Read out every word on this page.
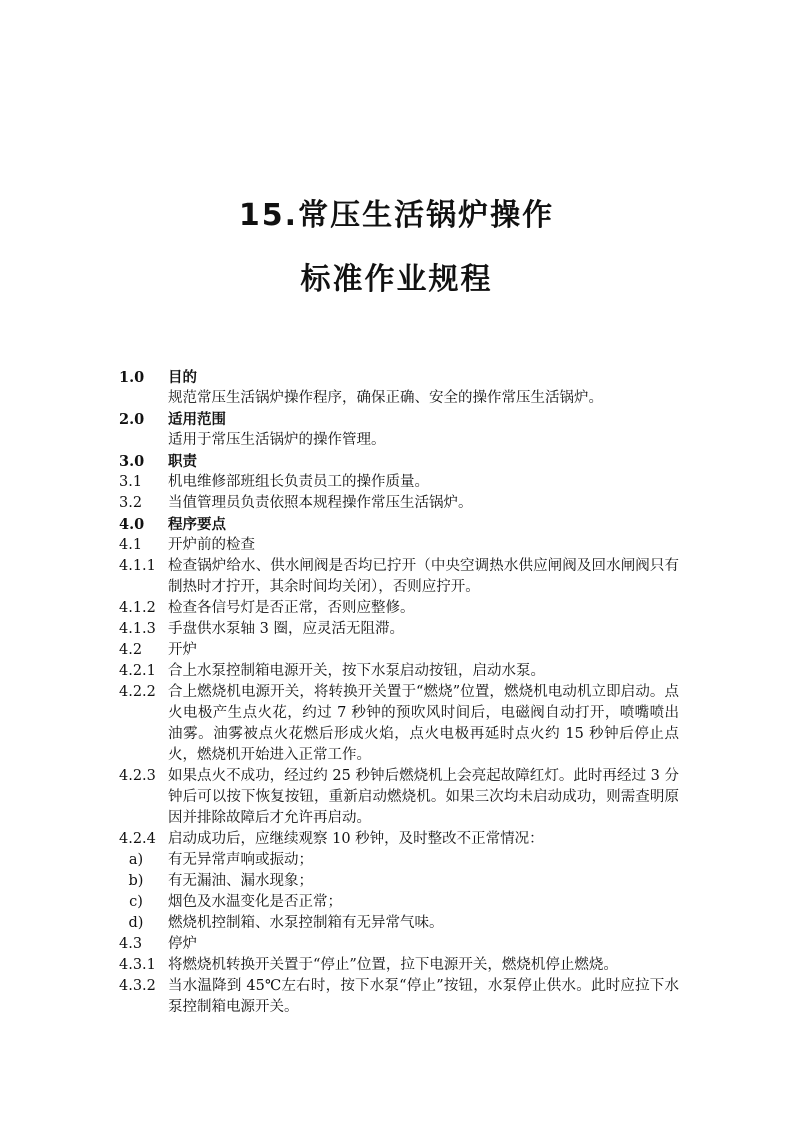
15.常压生活锅炉操作
标准作业规程
1.0	目的
规范常压生活锅炉操作程序，确保正确、安全的操作常压生活锅炉。
2.0	适用范围
适用于常压生活锅炉的操作管理。
3.0	职责
3.1	机电维修部班组长负责员工的操作质量。
3.2	当值管理员负责依照本规程操作常压生活锅炉。
4.0	程序要点
4.1	开炉前的检查
4.1.1 检查锅炉给水、供水闸阀是否均已拧开（中央空调热水供应闸阀及回水闸阀只有制热时才拧开，其余时间均关闭），否则应拧开。
4.1.2 检查各信号灯是否正常，否则应整修。
4.1.3 手盘供水泵轴 3 圈，应灵活无阻滞。
4.2	开炉
4.2.1 合上水泵控制箱电源开关，按下水泵启动按钮，启动水泵。
4.2.2 合上燃烧机电源开关，将转换开关置于“燃烧”位置，燃烧机电动机立即启动。点火电极产生点火花，约过 7 秒钟的预吹风时间后，电磁阀自动打开，喷嘴喷出油雾。油雾被点火花燃后形成火焰，点火电极再延时点火约 15 秒钟后停止点火，燃烧机开始进入正常工作。
4.2.3 如果点火不成功，经过约 25 秒钟后燃烧机上会亮起故障红灯。此时再经过 3 分钟后可以按下恢复按钮，重新启动燃烧机。如果三次均未启动成功，则需查明原因并排除故障后才允许再启动。
4.2.4 启动成功后，应继续观察 10 秒钟，及时整改不正常情况：
a)	有无异常声响或振动；
b)	有无漏油、漏水现象；
c)	烟色及水温变化是否正常；
d)	燃烧机控制箱、水泵控制箱有无异常气味。
4.3	停炉
4.3.1 将燃烧机转换开关置于“停止”位置，拉下电源开关，燃烧机停止燃烧。
4.3.2 当水温降到 45℃左右时，按下水泵“停止”按钮，水泵停止供水。此时应拉下水泵控制箱电源开关。
